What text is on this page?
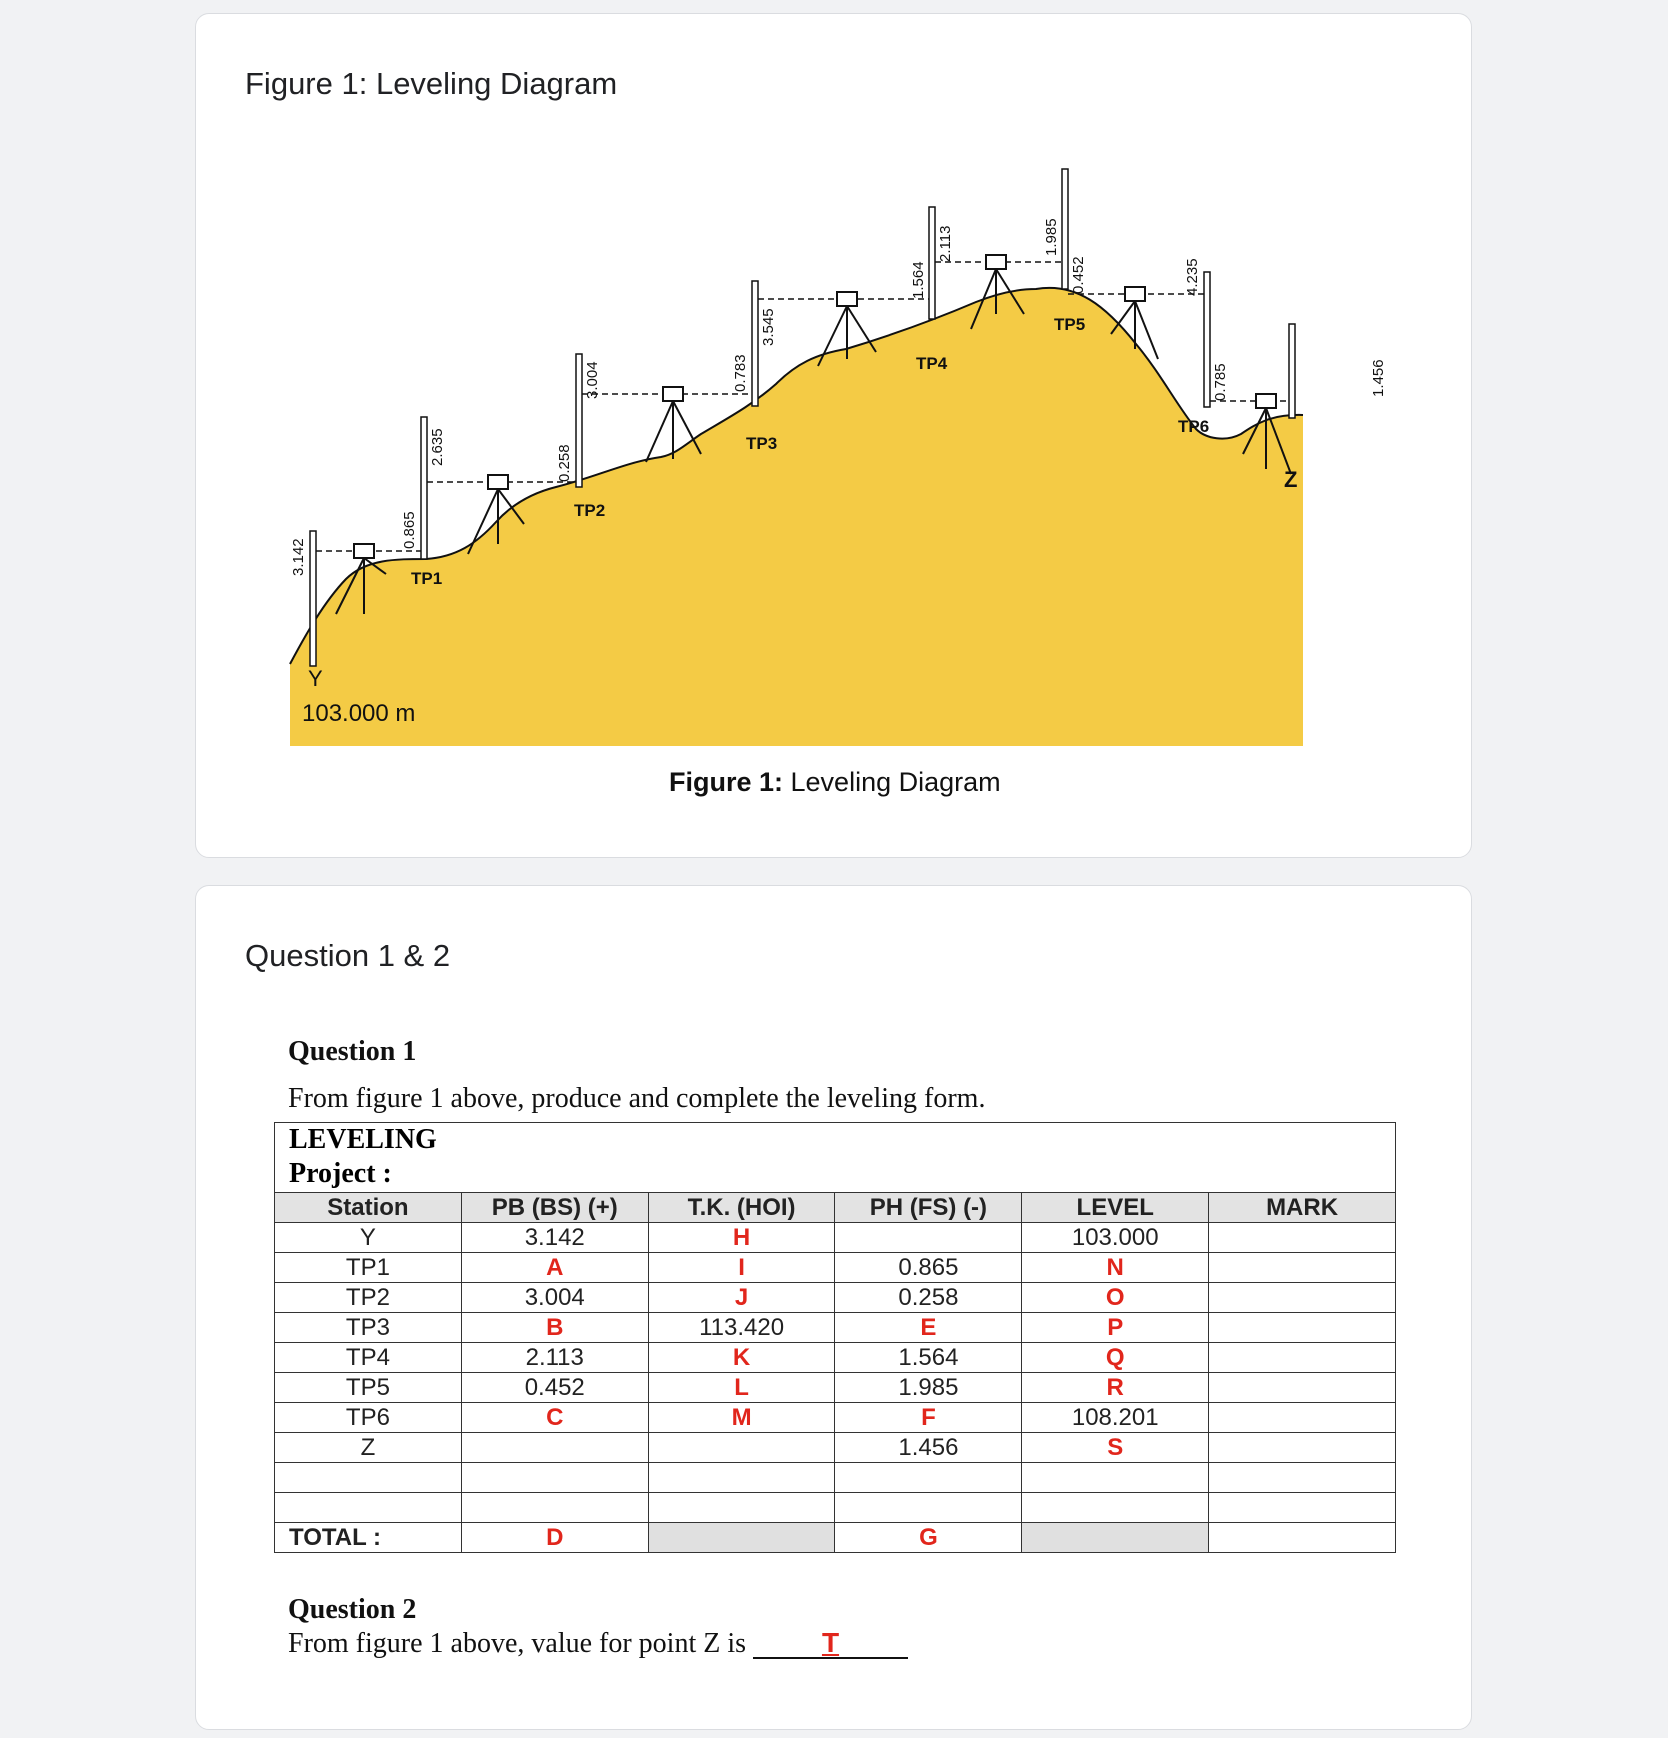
Figure 1: Leveling Diagram
3.142
0.865
2.635	0.258
3.004	0.783
3.545
1.564
2.113	1.985
0.452	4.235
0.785	1.456
TP1
TP2
TP3
TP4
TP5
TP6
Y
103.000 m
Z
Figure 1: Leveling Diagram
Question 1 & 2
Question 1
From figure 1 above, produce and complete the leveling form.
LEVELING
Project :
Station	PB (BS) (+)	T.K. (HOI)	PH (FS) (-)	LEVEL	MARK
Y	3.142	H		103.000	
TP1	A	I	0.865	N	
TP2	3.004	J	0.258	O	
TP3	B	113.420	E	P	
TP4	2.113	K	1.564	Q	
TP5	0.452	L	1.985	R	
TP6	C	M	F	108.201	
Z			1.456	S	

TOTAL :	D		G		
Question 2
From figure 1 above, value for point Z is T
